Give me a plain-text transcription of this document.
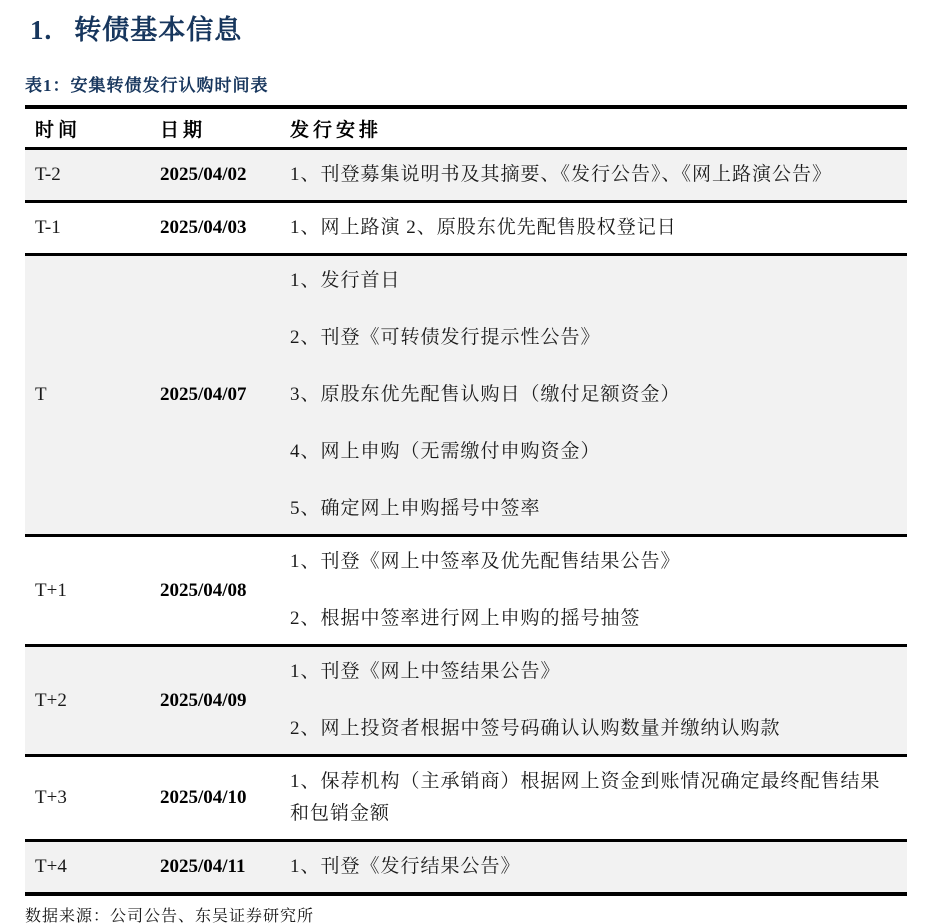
1. 转债基本信息
表1：安集转债发行认购时间表
时间	日期	发行安排
T-2	2025/04/02	1、刊登募集说明书及其摘要、《发行公告》、《网上路演公告》

T-1	2025/04/03	1、网上路演 2、原股东优先配售股权登记日

T	2025/04/07	1、发行首日

2、刊登《可转债发行提示性公告》

3、原股东优先配售认购日（缴付足额资金）

4、网上申购（无需缴付申购资金）

5、确定网上申购摇号中签率

T+1	2025/04/08	1、刊登《网上中签率及优先配售结果公告》

2、根据中签率进行网上申购的摇号抽签

T+2	2025/04/09	1、刊登《网上中签结果公告》

2、网上投资者根据中签号码确认认购数量并缴纳认购款

T+3	2025/04/10	1、保荐机构（主承销商）根据网上资金到账情况确定最终配售结果和包销金额

T+4	2025/04/11	1、刊登《发行结果公告》

数据来源：公司公告、东吴证券研究所
